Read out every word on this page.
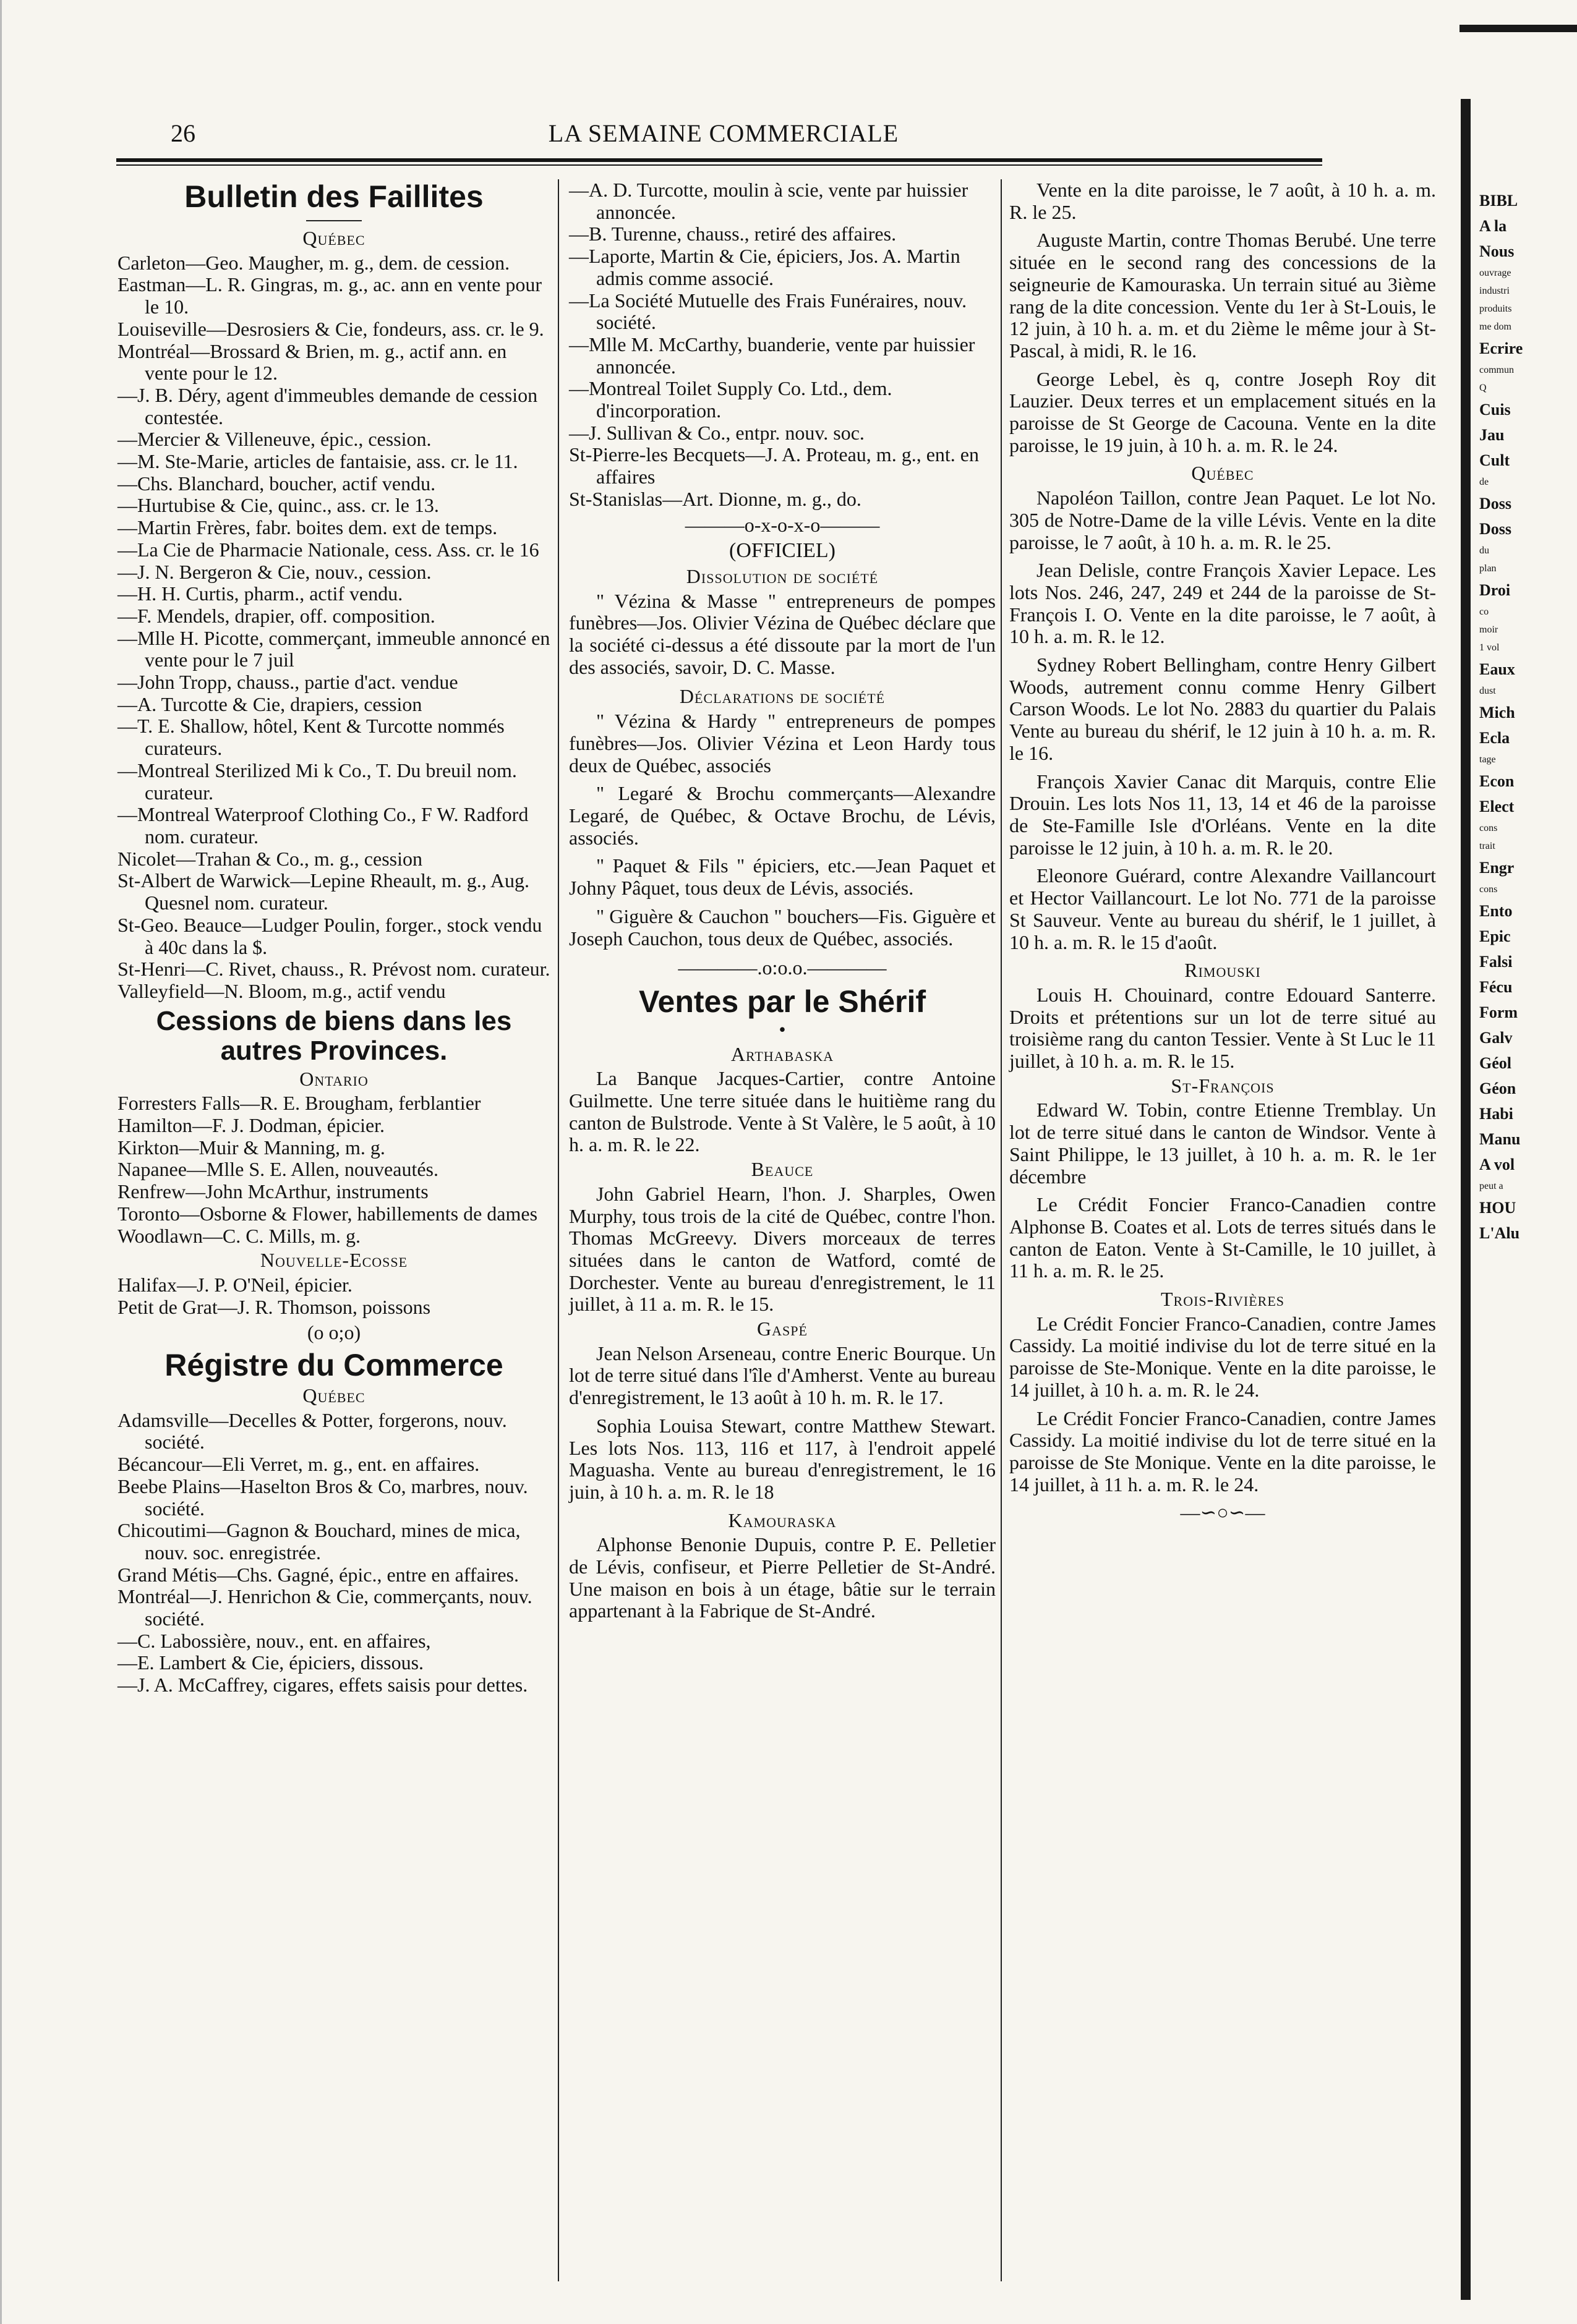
26	LA SEMAINE COMMERCIALE
Bulletin des Faillites
Québec

Carleton—Geo. Maugher, m. g., dem. de cession.

Eastman—L. R. Gingras, m. g., ac. ann en vente pour le 10.

Louiseville—Desrosiers & Cie, fondeurs, ass. cr. le 9.

Montréal—Brossard & Brien, m. g., actif ann. en vente pour le 12.

—J. B. Déry, agent d'immeubles demande de cession contestée.

—Mercier & Villeneuve, épic., cession.

—M. Ste-Marie, articles de fantaisie, ass. cr. le 11.

—Chs. Blanchard, boucher, actif vendu.

—Hurtubise & Cie, quinc., ass. cr. le 13.

—Martin Frères, fabr. boites dem. ext de temps.

—La Cie de Pharmacie Nationale, cess. Ass. cr. le 16

—J. N. Bergeron & Cie, nouv., cession.

—H. H. Curtis, pharm., actif vendu.

—F. Mendels, drapier, off. composition.

—Mlle H. Picotte, commerçant, immeuble annoncé en vente pour le 7 juil

—John Tropp, chauss., partie d'act. vendue

—A. Turcotte & Cie, drapiers, cession

—T. E. Shallow, hôtel, Kent & Turcotte nommés curateurs.

—Montreal Sterilized Mi k Co., T. Du breuil nom. curateur.

—Montreal Waterproof Clothing Co., F W. Radford nom. curateur.

Nicolet—Trahan & Co., m. g., cession

St-Albert de Warwick—Lepine Rheault, m. g., Aug. Quesnel nom. curateur.

St-Geo. Beauce—Ludger Poulin, forger., stock vendu à 40c dans la $.

St-Henri—C. Rivet, chauss., R. Prévost nom. curateur.

Valleyfield—N. Bloom, m.g., actif vendu

Cessions de biens dans les autres Provinces.
Ontario

Forresters Falls—R. E. Brougham, ferblantier

Hamilton—F. J. Dodman, épicier.

Kirkton—Muir & Manning, m. g.

Napanee—Mlle S. E. Allen, nouveautés.

Renfrew—John McArthur, instruments

Toronto—Osborne & Flower, habillements de dames

Woodlawn—C. C. Mills, m. g.

Nouvelle-Ecosse

Halifax—J. P. O'Neil, épicier.

Petit de Grat—J. R. Thomson, poissons

(o o;o)
Régistre du Commerce
Québec

Adamsville—Decelles & Potter, forgerons, nouv. société.

Bécancour—Eli Verret, m. g., ent. en affaires.

Beebe Plains—Haselton Bros & Co, marbres, nouv. société.

Chicoutimi—Gagnon & Bouchard, mines de mica, nouv. soc. enregistrée.

Grand Métis—Chs. Gagné, épic., entre en affaires.

Montréal—J. Henrichon & Cie, commerçants, nouv. société.

—C. Labossière, nouv., ent. en affaires,

—E. Lambert & Cie, épiciers, dissous.

—J. A. McCaffrey, cigares, effets saisis pour dettes.

—A. D. Turcotte, moulin à scie, vente par huissier annoncée.

—B. Turenne, chauss., retiré des affaires.

—Laporte, Martin & Cie, épiciers, Jos. A. Martin admis comme associé.

—La Société Mutuelle des Frais Funéraires, nouv. société.

—Mlle M. McCarthy, buanderie, vente par huissier annoncée.

—Montreal Toilet Supply Co. Ltd., dem. d'incorporation.

—J. Sullivan & Co., entpr. nouv. soc.

St-Pierre-les Becquets—J. A. Proteau, m. g., ent. en affaires

St-Stanislas—Art. Dionne, m. g., do.

———o-x-o-x-o———
(OFFICIEL)
Dissolution de société

" Vézina & Masse " entrepreneurs de pompes funèbres—Jos. Olivier Vézina de Québec déclare que la société ci-dessus a été dissoute par la mort de l'un des associés, savoir, D. C. Masse.

Déclarations de société

" Vézina & Hardy " entrepreneurs de pompes funèbres—Jos. Olivier Vézina et Leon Hardy tous deux de Québec, associés

" Legaré & Brochu commerçants—Alexandre Legaré, de Québec, & Octave Brochu, de Lévis, associés.

" Paquet & Fils " épiciers, etc.—Jean Paquet et Johny Pâquet, tous deux de Lévis, associés.

" Giguère & Cauchon " bouchers—Fis. Giguère et Joseph Cauchon, tous deux de Québec, associés.

————.o:o.o.————
Ventes par le Shérif
•
Arthabaska

La Banque Jacques-Cartier, contre Antoine Guilmette. Une terre située dans le huitième rang du canton de Bulstrode. Vente à St Valère, le 5 août, à 10 h. a. m. R. le 22.

Beauce

John Gabriel Hearn, l'hon. J. Sharples, Owen Murphy, tous trois de la cité de Québec, contre l'hon. Thomas McGreevy. Divers morceaux de terres situées dans le canton de Watford, comté de Dorchester. Vente au bureau d'enregistrement, le 11 juillet, à 11 a. m. R. le 15.

Gaspé

Jean Nelson Arseneau, contre Eneric Bourque. Un lot de terre situé dans l'île d'Amherst. Vente au bureau d'enregistrement, le 13 août à 10 h. m. R. le 17.

Sophia Louisa Stewart, contre Matthew Stewart. Les lots Nos. 113, 116 et 117, à l'endroit appelé Maguasha. Vente au bureau d'enregistrement, le 16 juin, à 10 h. a. m. R. le 18

Kamouraska

Alphonse Benonie Dupuis, contre P. E. Pelletier de Lévis, confiseur, et Pierre Pelletier de St-André. Une maison en bois à un étage, bâtie sur le terrain appartenant à la Fabrique de St-André.

Vente en la dite paroisse, le 7 août, à 10 h. a. m. R. le 25.

Auguste Martin, contre Thomas Berubé. Une terre située en le second rang des concessions de la seigneurie de Kamouraska. Un terrain situé au 3ième rang de la dite concession. Vente du 1er à St-Louis, le 12 juin, à 10 h. a. m. et du 2ième le même jour à St-Pascal, à midi, R. le 16.

George Lebel, ès q, contre Joseph Roy dit Lauzier. Deux terres et un emplacement situés en la paroisse de St George de Cacouna. Vente en la dite paroisse, le 19 juin, à 10 h. a. m. R. le 24.

Québec

Napoléon Taillon, contre Jean Paquet. Le lot No. 305 de Notre-Dame de la ville Lévis. Vente en la dite paroisse, le 7 août, à 10 h. a. m. R. le 25.

Jean Delisle, contre François Xavier Lepace. Les lots Nos. 246, 247, 249 et 244 de la paroisse de St-François I. O. Vente en la dite paroisse, le 7 août, à 10 h. a. m. R. le 12.

Sydney Robert Bellingham, contre Henry Gilbert Woods, autrement connu comme Henry Gilbert Carson Woods. Le lot No. 2883 du quartier du Palais Vente au bureau du shérif, le 12 juin à 10 h. a. m. R. le 16.

François Xavier Canac dit Marquis, contre Elie Drouin. Les lots Nos 11, 13, 14 et 46 de la paroisse de Ste-Famille Isle d'Orléans. Vente en la dite paroisse le 12 juin, à 10 h. a. m. R. le 20.

Eleonore Guérard, contre Alexandre Vaillancourt et Hector Vaillancourt. Le lot No. 771 de la paroisse St Sauveur. Vente au bureau du shérif, le 1 juillet, à 10 h. a. m. R. le 15 d'août.

Rimouski

Louis H. Chouinard, contre Edouard Santerre. Droits et prétentions sur un lot de terre situé au troisième rang du canton Tessier. Vente à St Luc le 11 juillet, à 10 h. a. m. R. le 15.

St-François

Edward W. Tobin, contre Etienne Tremblay. Un lot de terre situé dans le canton de Windsor. Vente à Saint Philippe, le 13 juillet, à 10 h. a. m. R. le 1er décembre

Le Crédit Foncier Franco-Canadien contre Alphonse B. Coates et al. Lots de terres situés dans le canton de Eaton. Vente à St-Camille, le 10 juillet, à 11 h. a. m. R. le 25.

Trois-Rivières

Le Crédit Foncier Franco-Canadien, contre James Cassidy. La moitié indivise du lot de terre situé en la paroisse de Ste-Monique. Vente en la dite paroisse, le 14 juillet, à 10 h. a. m. R. le 24.

Le Crédit Foncier Franco-Canadien, contre James Cassidy. La moitié indivise du lot de terre situé en la paroisse de Ste Monique. Vente en la dite paroisse, le 14 juillet, à 11 h. a. m. R. le 24.

—∽○∽—
BIBL
A la
Nous
ouvrage
industri
produits
me dom
Ecrire
commun
Q
Cuis
Jau
Cult
de
Doss
Doss
du
plan
Droi
co
moir
1 vol
Eaux
dust
Mich
Ecla
tage
Econ
Elect
cons
trait
Engr
cons
Ento
Epic
Falsi
Fécu
Form
Galv
Géol
Géon
Habi
Manu
A vol
peut a
HOU
L'Alu
